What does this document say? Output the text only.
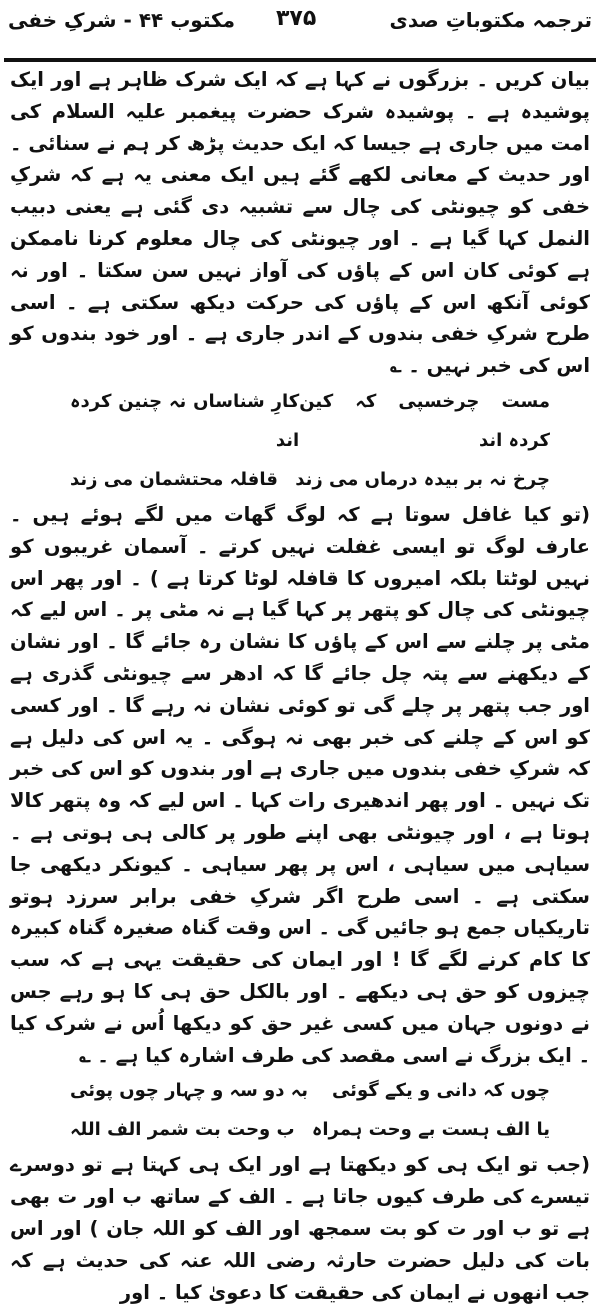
ترجمہ مکتوباتِ صدی
۳۷۵
مکتوب ۴۴ - شرکِ خفی

بیان کریں ۔ بزرگوں نے کہا ہے کہ ایک شرک ظاہر ہے اور ایک پوشیدہ ہے ۔ پوشیدہ شرک حضرت پیغمبر علیہ السلام کی امت میں جاری ہے جیسا کہ ایک حدیث پڑھ کر ہم نے سنائی ۔ اور حدیث کے معانی لکھے گئے ہیں ایک معنی یہ ہے کہ شرکِ خفی کو چیونٹی کی چال سے تشبیہ دی گئی ہے یعنی دبیب النمل کہا گیا ہے ۔ اور چیونٹی کی چال معلوم کرنا ناممکن ہے کوئی کان اس کے پاؤں کی آواز نہیں سن سکتا ۔ اور نہ کوئی آنکھ اس کے پاؤں کی حرکت دیکھ سکتی ہے ۔ اسی طرح شرکِ خفی بندوں کے اندر جاری ہے ۔ اور خود بندوں کو اس کی خبر نہیں ۔ ؎

مست چرخسپی کہ کین کردہ اند
کارِ شناساں نہ چنین کردہ اند
چرخ نہ بر بیدہ درماں می زند
قافلہ محتشمان می زند

(تو کیا غافل سوتا ہے کہ لوگ گھات میں لگے ہوئے ہیں ۔ عارف لوگ تو ایسی غفلت نہیں کرتے ۔ آسمان غریبوں کو نہیں لوٹتا بلکہ امیروں کا قافلہ لوٹا کرتا ہے ) ۔ اور پھر اس چیونٹی کی چال کو پتھر پر کہا گیا ہے نہ مٹی پر ۔ اس لیے کہ مٹی پر چلنے سے اس کے پاؤں کا نشان رہ جائے گا ۔ اور نشان کے دیکھنے سے پتہ چل جائے گا کہ ادھر سے چیونٹی گذری ہے اور جب پتھر پر چلے گی تو کوئی نشان نہ رہے گا ۔ اور کسی کو اس کے چلنے کی خبر بھی نہ ہوگی ۔ یہ اس کی دلیل ہے کہ شرکِ خفی بندوں میں جاری ہے اور بندوں کو اس کی خبر تک نہیں ۔ اور پھر اندھیری رات کہا ۔ اس لیے کہ وہ پتھر کالا ہوتا ہے ، اور چیونٹی بھی اپنے طور پر کالی ہی ہوتی ہے ۔ سیاہی میں سیاہی ، اس پر پھر سیاہی ۔ کیونکر دیکھی جا سکتی ہے ۔ اسی طرح اگر شرکِ خفی برابر سرزد ہوتو تاریکیاں جمع ہو جائیں گی ۔ اس وقت گناہ صغیرہ گناہ کبیرہ کا کام کرنے لگے گا ! اور ایمان کی حقیقت یہی ہے کہ سب چیزوں کو حق ہی دیکھے ۔ اور بالکل حق ہی کا ہو رہے جس نے دونوں جہان میں کسی غیر حق کو دیکھا اُس نے شرک کیا ۔ ایک بزرگ نے اسی مقصد کی طرف اشارہ کیا ہے ۔ ؎

چوں کہ دانی و یکے گوئی
بہ دو سہ و چہار چوں پوئی
یا الف ہست بے وحت ہمراہ
ب وحت بت شمر الف اللہ

(جب تو ایک ہی کو دیکھتا ہے اور ایک ہی کہتا ہے تو دوسرے تیسرے کی طرف کیوں جاتا ہے ۔ الف کے ساتھ ب اور ت بھی ہے تو ب اور ت کو بت سمجھ اور الف کو اللہ جان ) اور اس بات کی دلیل حضرت حارثہ رضی اللہ عنہ کی حدیث ہے کہ جب انھوں نے ایمان کی حقیقت کا دعویٰ کیا ۔ اور
